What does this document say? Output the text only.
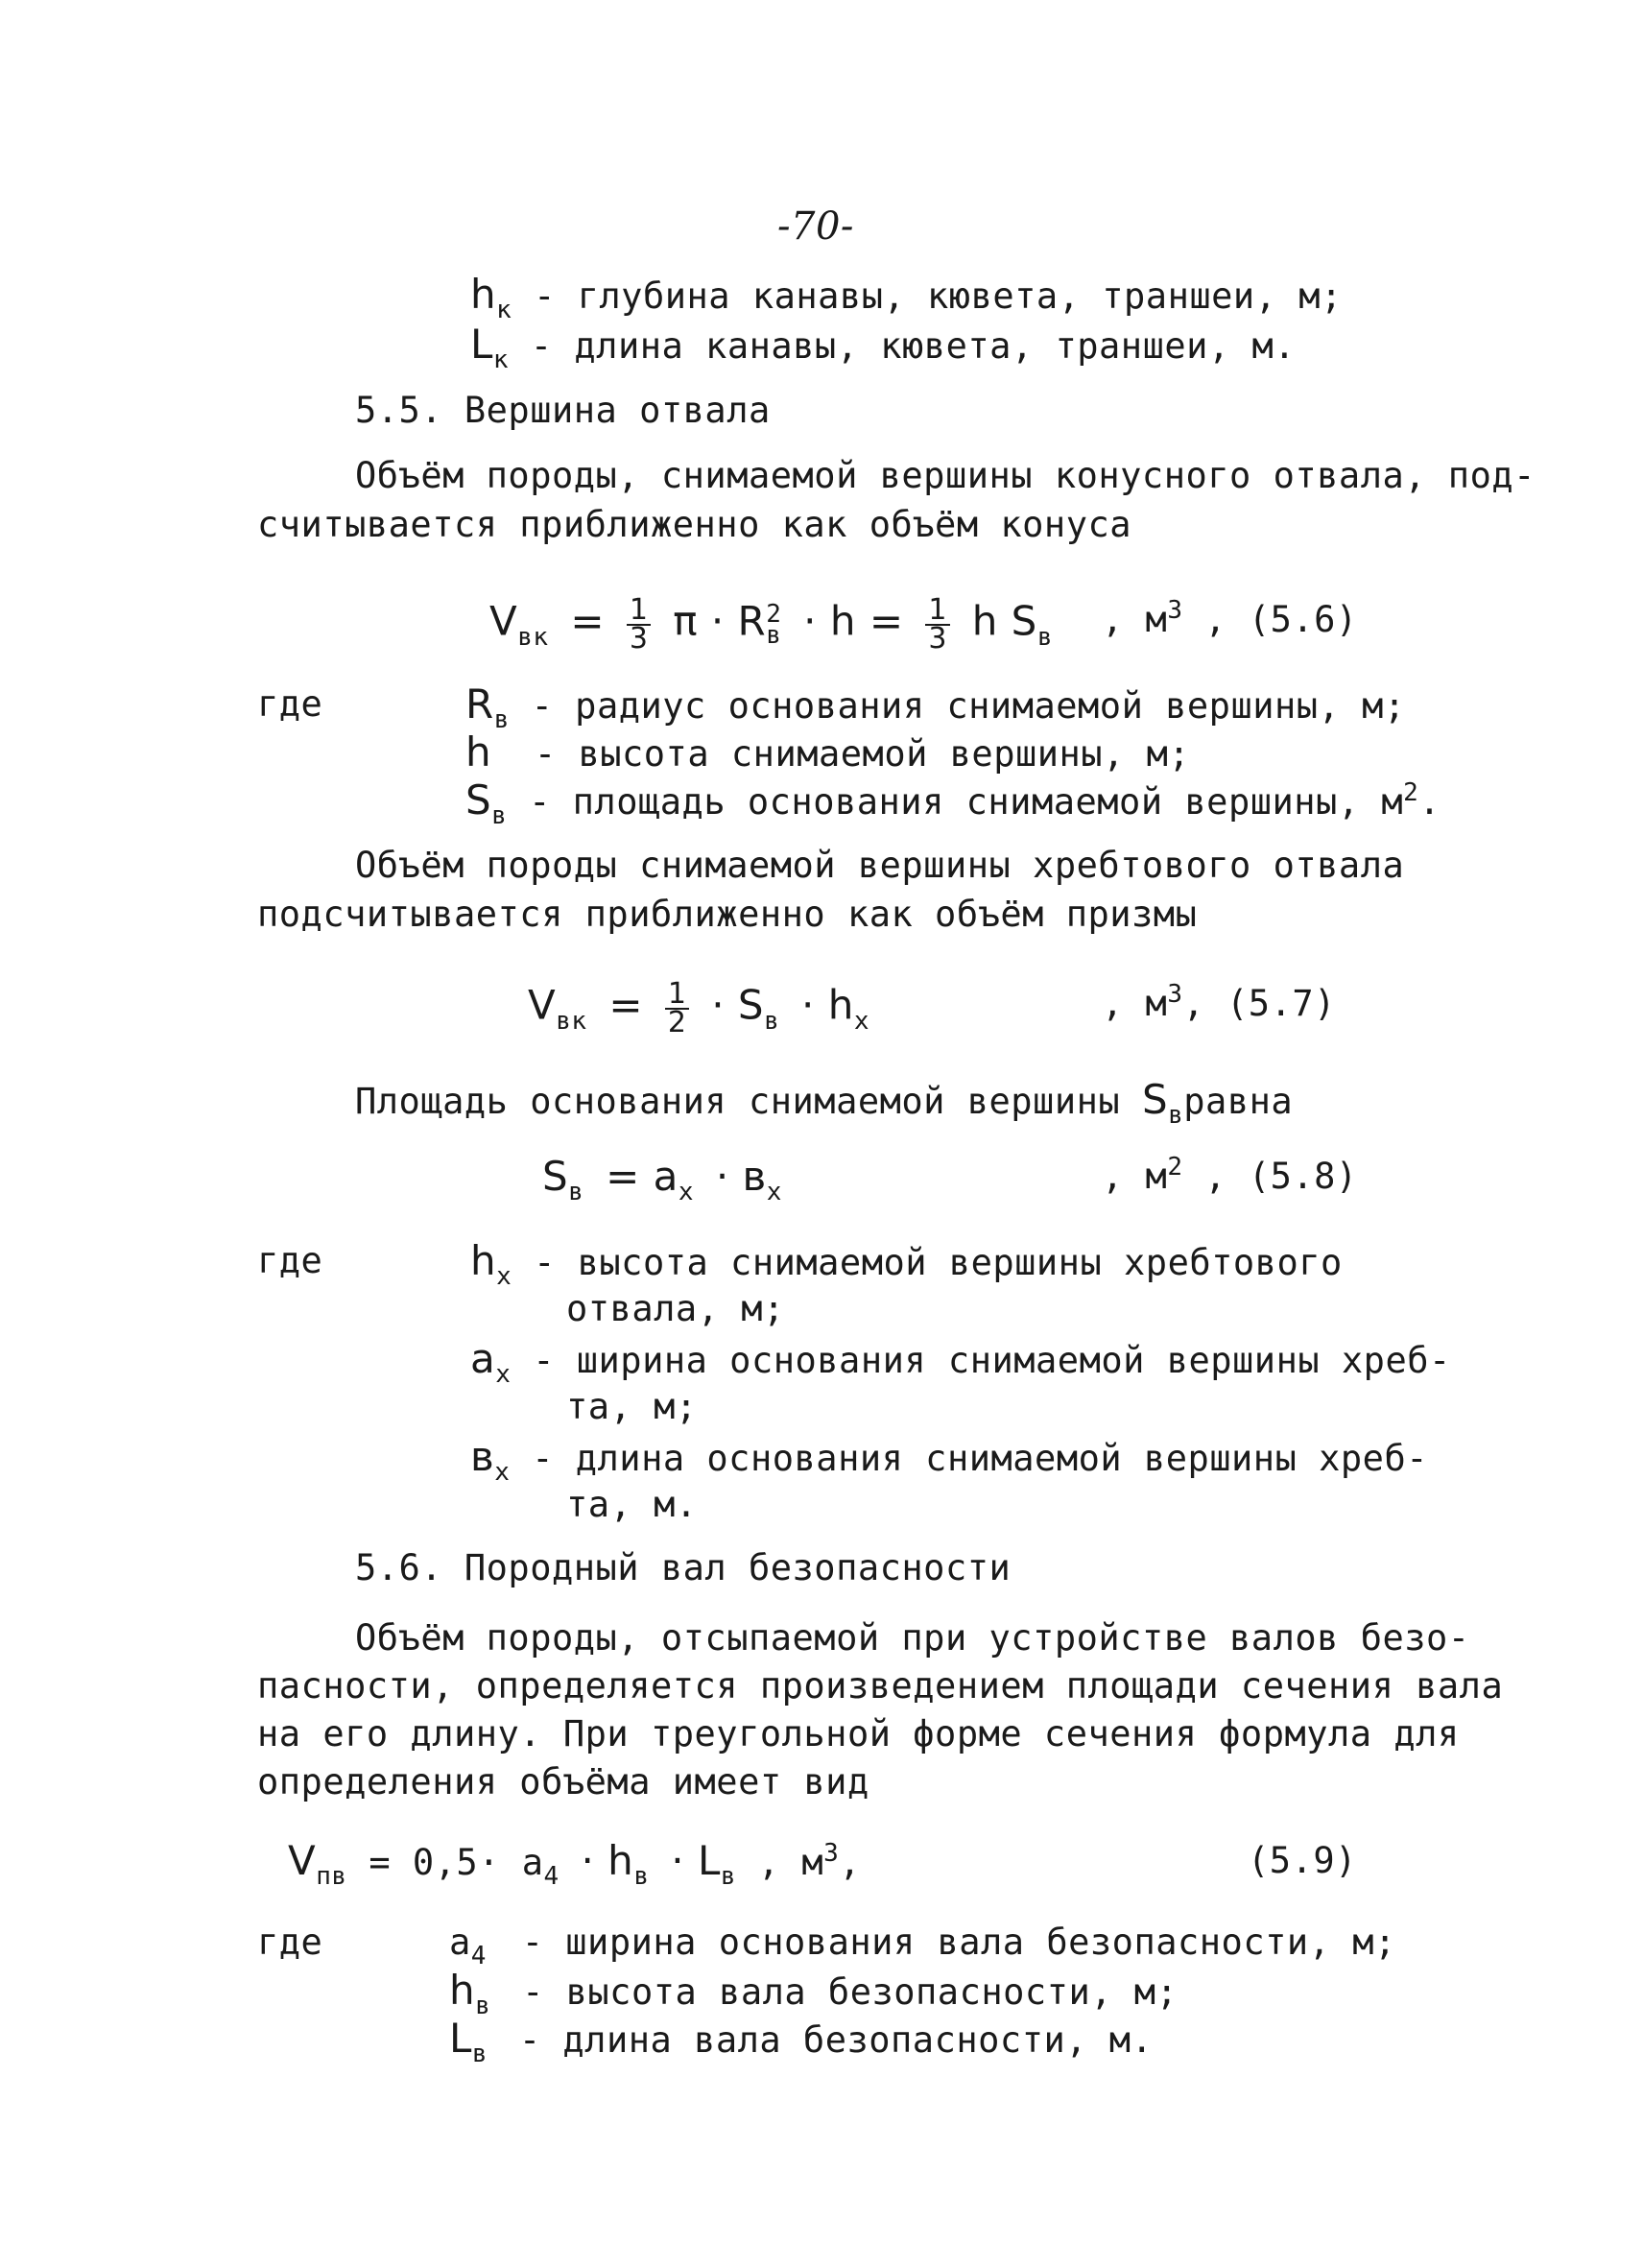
-70-
$h_к$ - глубина канавы, кювета, траншеи, м;
$L_к$ - длина канавы, кювета, траншеи, м.
5.5. Вершина отвала
Объём породы, снимаемой вершины конусного отвала, под-
считывается приближенно как объём конуса
$V_{вк} = \frac{1}{3}$ π · R 2
$в \cdot h = \frac{1}{3}$ h $S_в$ , $м^3$ , (5.6)
где	$R_в$ - радиус основания снимаемой вершины, м;
h - высота снимаемой вершины, м;
$S_в$ - площадь основания снимаемой вершины, $м^2$.
Объём породы снимаемой вершины хребтового отвала
подсчитывается приближенно как объём призмы
$V_{вк} = \frac{1}{2} \cdot S_в \cdot h_х$	, $м^3$, (5.7)
Площадь основания снимаемой вершины $S_вравна$
$S_в = a_х \cdot в_х$	, $м^2$ , (5.8)
где	$h_х$ - высота снимаемой вершины хребтового
отвала, м;
$a_х$ - ширина основания снимаемой вершины хреб-
та, м;
$в_х$ - длина основания снимаемой вершины хреб-
та, м.
5.6. Породный вал безопасности
Объём породы, отсыпаемой при устройстве валов безо-
пасности, определяется произведением площади сечения вала
на его длину. При треугольной форме сечения формула для
определения объёма имеет вид
$V_{пв} = 0,5\cdot a_4 \cdot h_в \cdot L_в$ , $м^3$,	(5.9)
где	$a_4$ - ширина основания вала безопасности, м;
$h_в$ - высота вала безопасности, м;
$L_в$ - длина вала безопасности, м.
